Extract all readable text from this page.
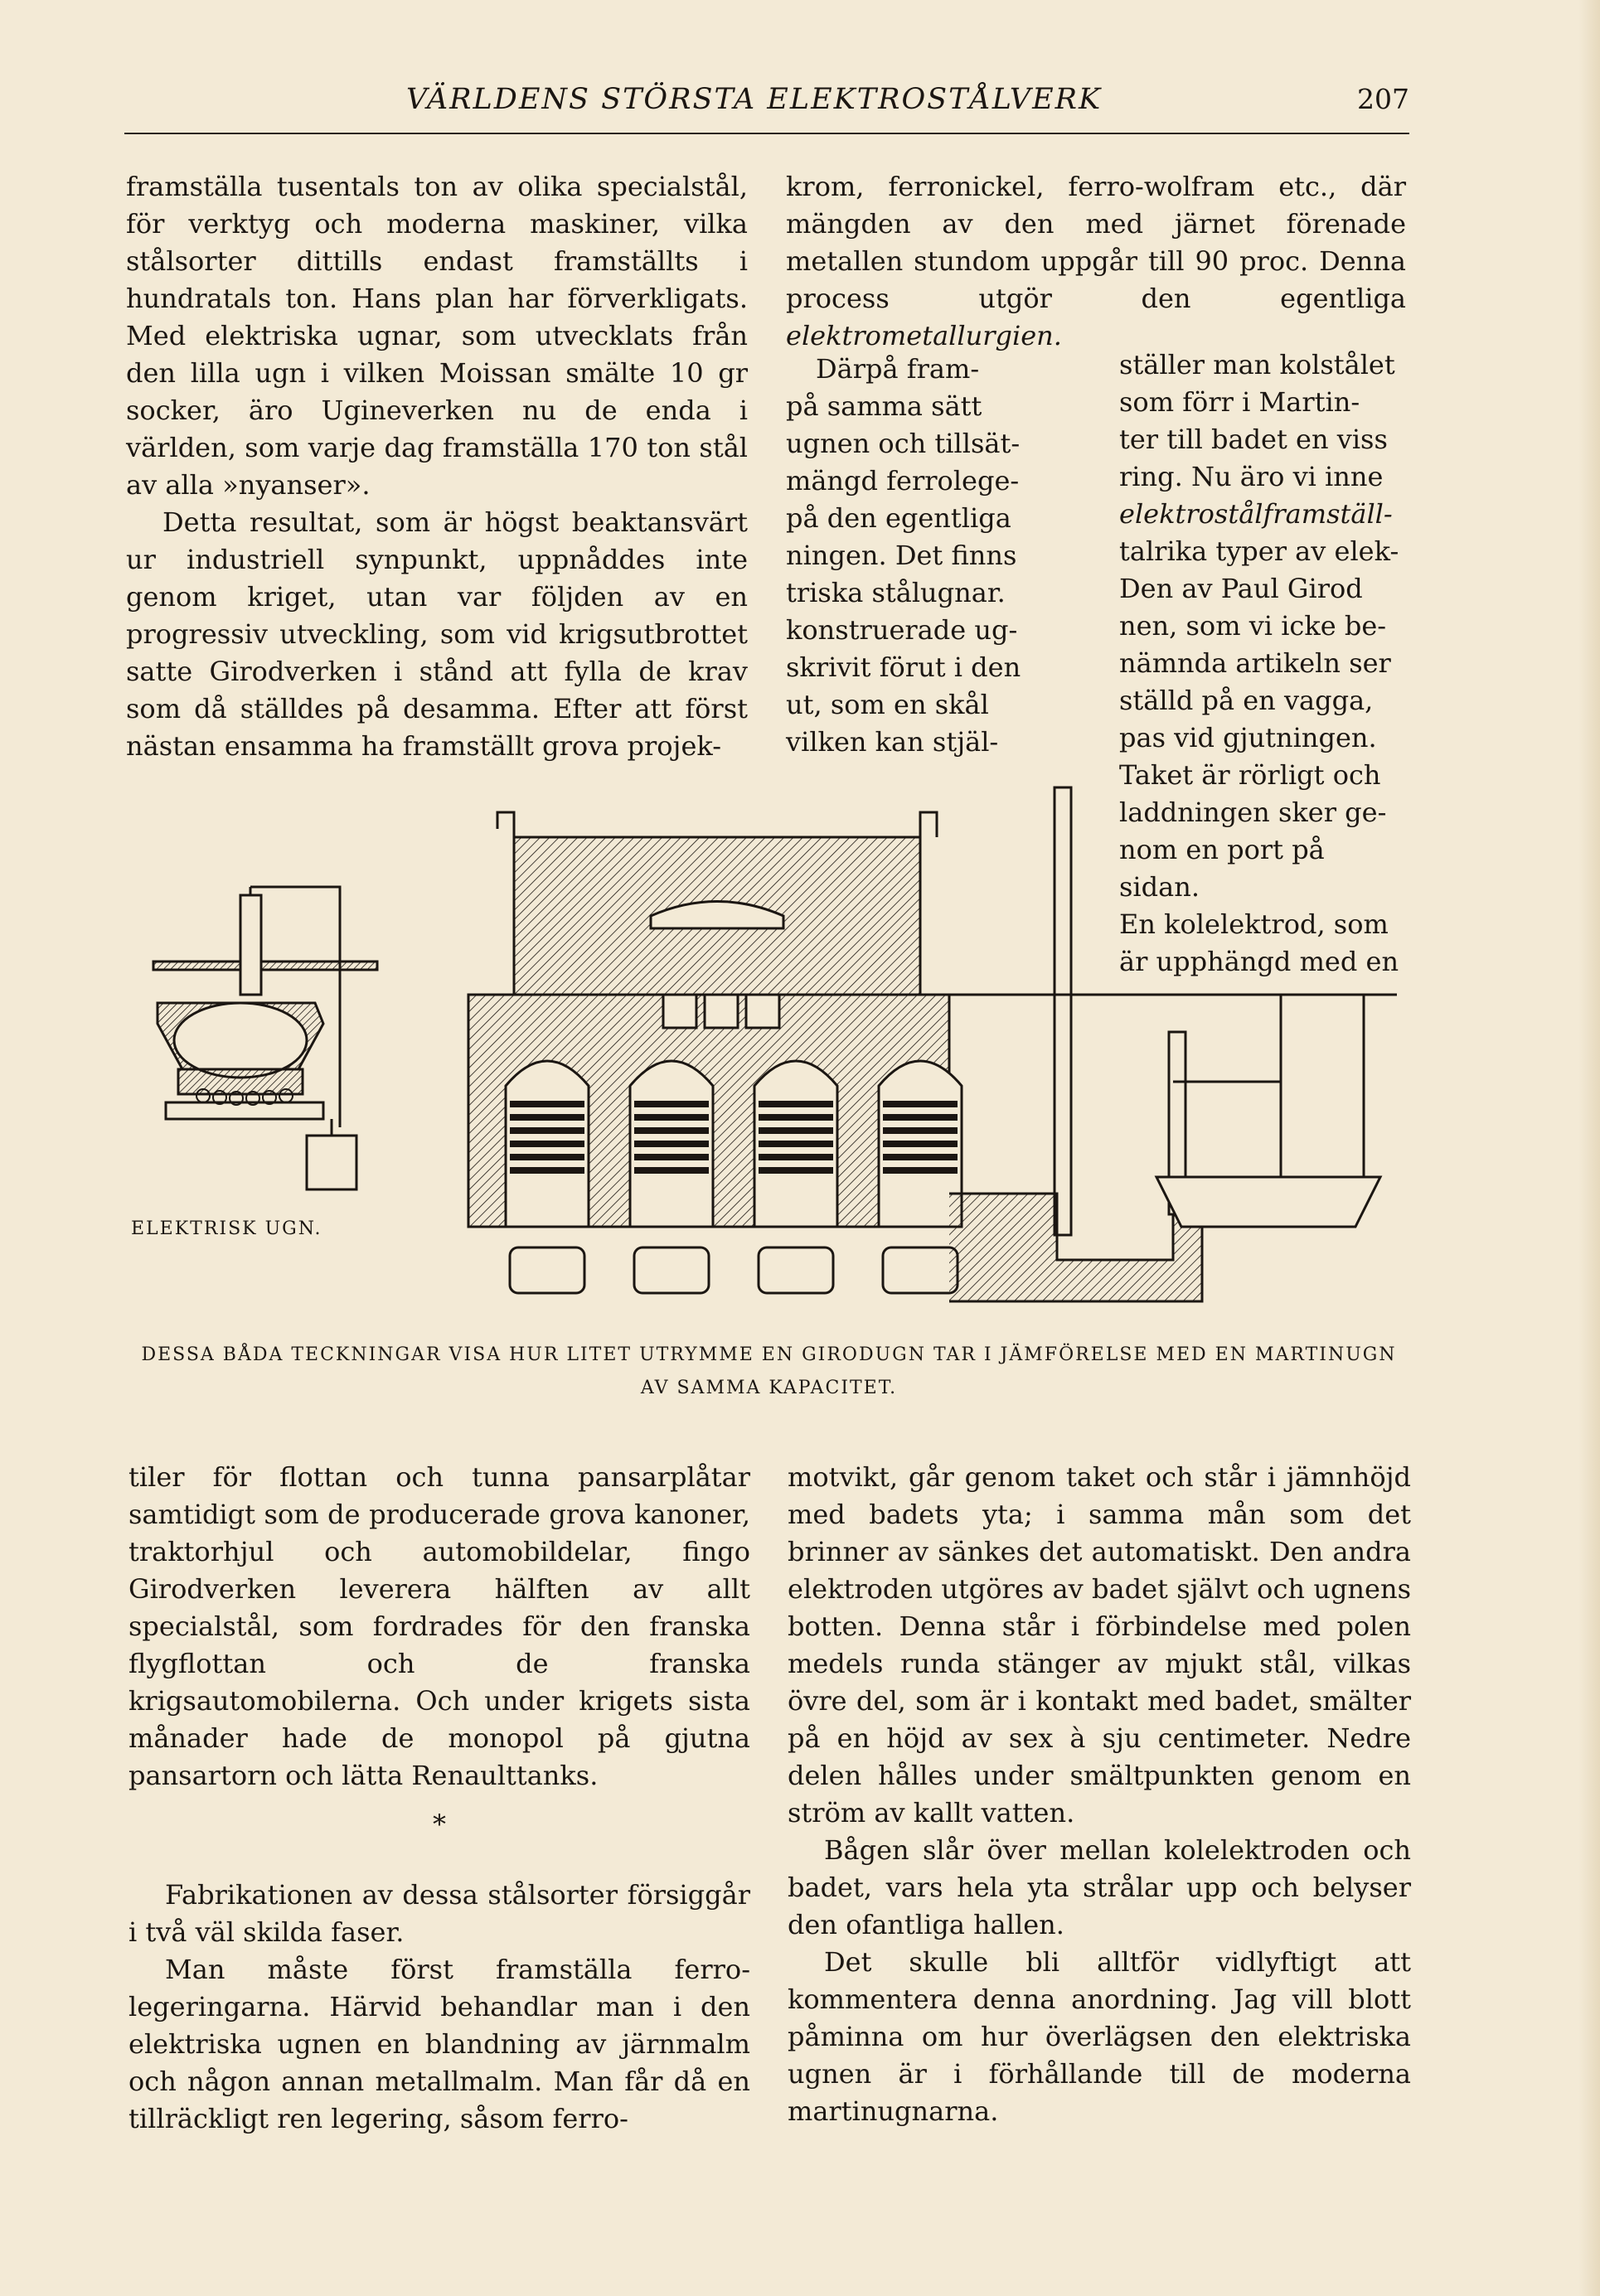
VÄRLDENS STÖRSTA ELEKTROSTÅLVERK	207

framställa tusentals ton av olika specialstål, för verktyg och moderna maskiner, vilka stålsorter dittills endast framställts i hundratals ton. Hans plan har förverkligats. Med elektriska ugnar, som utvecklats från den lilla ugn i vilken Moissan smälte 10 gr socker, äro Ugineverken nu de enda i världen, som varje dag framställa 170 ton stål av alla »nyanser».

Detta resultat, som är högst beaktansvärt ur industriell synpunkt, uppnåddes inte genom kriget, utan var följden av en progressiv utveckling, som vid krigsutbrottet satte Girodverken i stånd att fylla de krav som då ställdes på desamma. Efter att först nästan ensamma ha framställt grova projek-

krom, ferronickel, ferro-wolfram etc., där mängden av den med järnet förenade metallen stundom uppgår till 90 proc. Denna process utgör den egentliga elektrometallurgien.

Därpå fram-
på samma sätt
ugnen och tillsät-
mängd ferrolege-
på den egentliga
ningen. Det finns
triska stålugnar.
konstruerade ug-
skrivit förut i den
ut, som en skål
vilken kan stjäl-
ställer man kolstålet
som förr i Martin-
ter till badet en viss
ring. Nu äro vi inne
elektrostålframställ-
talrika typer av elek-
Den av Paul Girod
nen, som vi icke be-
nämnda artikeln ser
ställd på en vagga,
pas vid gjutningen.
Taket är rörligt och
laddningen sker ge-
nom en port på sidan.
En kolelektrod, som
är upphängd med en
ELEKTRISK UGN.
DESSA BÅDA TECKNINGAR VISA HUR LITET UTRYMME EN GIRODUGN TAR I JÄMFÖRELSE MED EN MARTINUGN AV SAMMA KAPACITET.

tiler för flottan och tunna pansarplåtar samtidigt som de producerade grova kanoner, traktorhjul och automobildelar, fingo Girodverken leverera hälften av allt specialstål, som fordrades för den franska flygflottan och de franska krigsautomobilerna. Och under krigets sista månader hade de monopol på gjutna pansartorn och lätta Renaulttanks.

*

Fabrikationen av dessa stålsorter försiggår i två väl skilda faser.

Man måste först framställa ferro-legeringarna. Härvid behandlar man i den elektriska ugnen en blandning av järnmalm och någon annan metallmalm. Man får då en tillräckligt ren legering, såsom ferro-

motvikt, går genom taket och står i jämnhöjd med badets yta; i samma mån som det brinner av sänkes det automatiskt. Den andra elektroden utgöres av badet självt och ugnens botten. Denna står i förbindelse med polen medels runda stänger av mjukt stål, vilkas övre del, som är i kontakt med badet, smälter på en höjd av sex à sju centimeter. Nedre delen hålles under smältpunkten genom en ström av kallt vatten.

Bågen slår över mellan kolelektroden och badet, vars hela yta strålar upp och belyser den ofantliga hallen.

Det skulle bli alltför vidlyftigt att kommentera denna anordning. Jag vill blott påminna om hur överlägsen den elektriska ugnen är i förhållande till de moderna martinugnarna.
